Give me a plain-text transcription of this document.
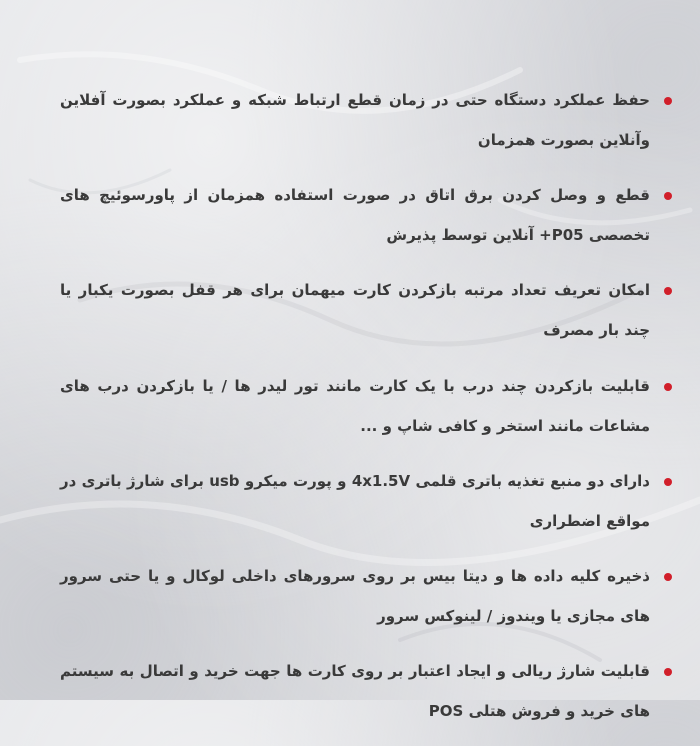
حفظ عملکرد دستگاه حتی در زمان قطع ارتباط شبکه و عملکرد بصورت آفلاین وآنلاین بصورت همزمان
قطع و وصل کردن برق اتاق در صورت استفاده همزمان از پاورسوئیچ های تخصصی P05+ آنلاین توسط پذیرش
امکان تعریف تعداد مرتبه بازکردن کارت میهمان برای هر قفل بصورت یکبار یا چند بار مصرف
قابلیت بازکردن چند درب با یک کارت مانند تور لیدر ها / یا بازکردن درب های مشاعات مانند استخر و کافی شاپ و ...
دارای دو منبع تغذیه باتری قلمی 4x1.5V و پورت میکرو usb برای شارژ باتری در مواقع اضطراری
ذخیره کلیه داده ها و دیتا بیس بر روی سرورهای داخلی لوکال و یا حتی سرور های مجازی یا ویندوز / لینوکس سرور
قابلیت شارژ ریالی و ایجاد اعتبار بر روی کارت ها جهت خرید و اتصال به سیستم های خرید و فروش هتلی POS
